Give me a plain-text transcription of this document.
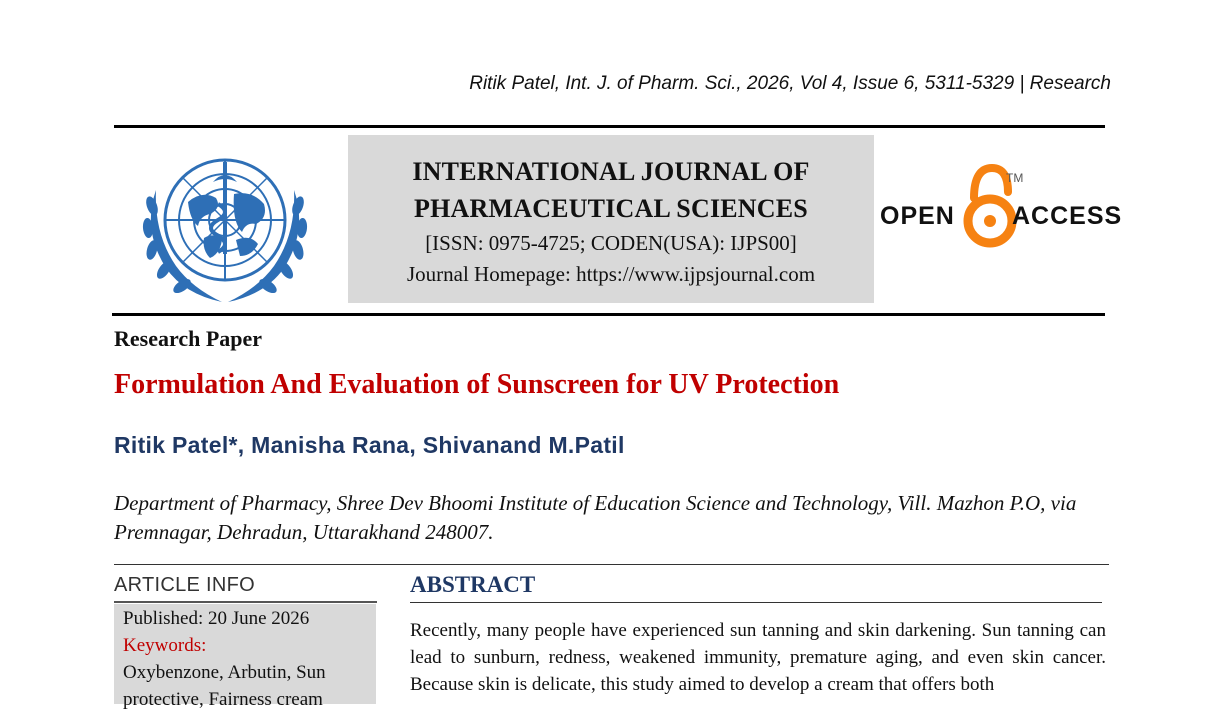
Ritik Patel, Int. J. of Pharm. Sci., 2026, Vol 4, Issue 6, 5311-5329 | Research
INTERNATIONAL JOURNAL OF
PHARMACEUTICAL SCIENCES
[ISSN: 0975-4725; CODEN(USA): IJPS00]
Journal Homepage: https://www.ijpsjournal.com
OPEN
TM
ACCESS
Research Paper
Formulation And Evaluation of Sunscreen for UV Protection
Ritik Patel*, Manisha Rana, Shivanand M.Patil
Department of Pharmacy, Shree Dev Bhoomi Institute of Education Science and Technology, Vill. Mazhon P.O, via Premnagar, Dehradun, Uttarakhand 248007.
ARTICLE INFO
Published: 20 June 2026
Keywords:
Oxybenzone, Arbutin, Sun protective, Fairness cream
ABSTRACT
Recently, many people have experienced sun tanning and skin darkening. Sun tanning can lead to sunburn, redness, weakened immunity, premature aging, and even skin cancer. Because skin is delicate, this study aimed to develop a cream that offers both
